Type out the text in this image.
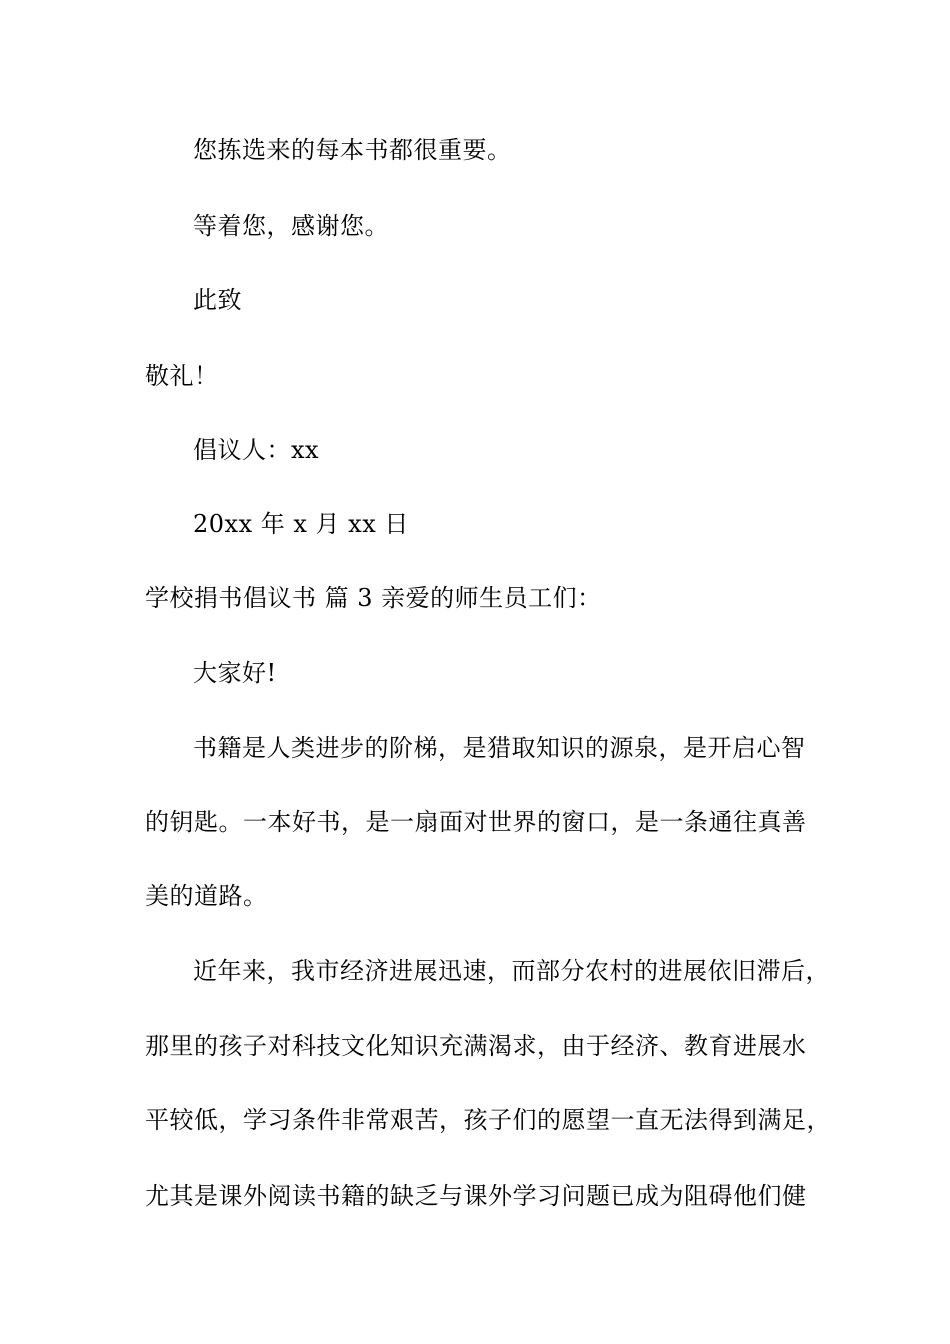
您拣选来的每本书都很重要。
等着您，感谢您。
此致
敬礼！
倡议人：xx
20xx 年 x 月 xx 日
学校捐书倡议书 篇 3 亲爱的师生员工们：
大家好!
书籍是人类进步的阶梯，是猎取知识的源泉，是开启心智
的钥匙。一本好书，是一扇面对世界的窗口，是一条通往真善
美的道路。
近年来，我市经济进展迅速，而部分农村的进展依旧滞后，
那里的孩子对科技文化知识充满渴求，由于经济、教育进展水
平较低，学习条件非常艰苦，孩子们的愿望一直无法得到满足，
尤其是课外阅读书籍的缺乏与课外学习问题已成为阻碍他们健
